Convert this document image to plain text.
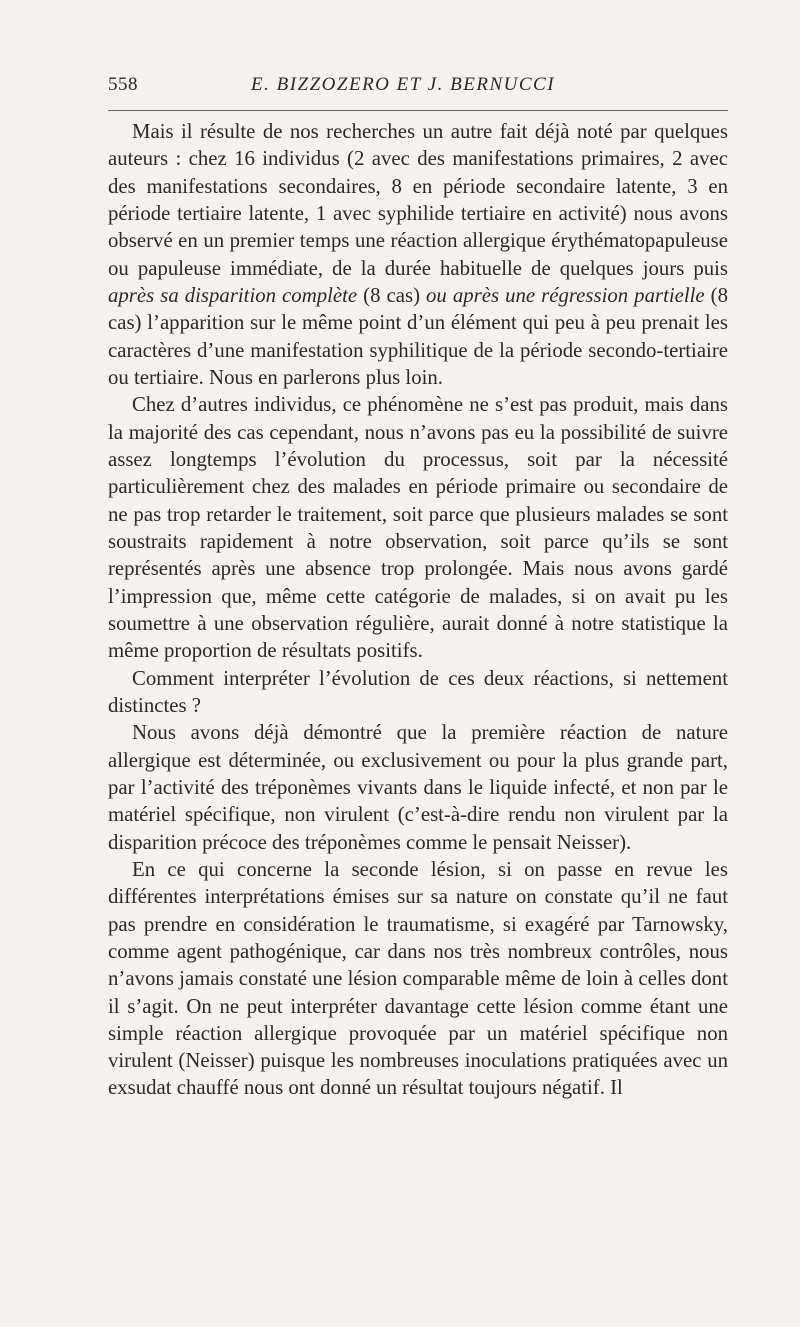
558	E. BIZZOZERO ET J. BERNUCCI

Mais il résulte de nos recherches un autre fait déjà noté par quelques auteurs : chez 16 individus (2 avec des manifestations primaires, 2 avec des manifestations secondaires, 8 en période secondaire latente, 3 en période tertiaire latente, 1 avec syphilide tertiaire en activité) nous avons observé en un premier temps une réaction allergique érythématopapuleuse ou papuleuse immédiate, de la durée habituelle de quelques jours puis après sa disparition complète (8 cas) ou après une régression partielle (8 cas) l’apparition sur le même point d’un élément qui peu à peu prenait les caractères d’une manifestation syphilitique de la période secondo-tertiaire ou tertiaire. Nous en parlerons plus loin.

Chez d’autres individus, ce phénomène ne s’est pas produit, mais dans la majorité des cas cependant, nous n’avons pas eu la possibilité de suivre assez longtemps l’évolution du processus, soit par la nécessité particulièrement chez des malades en période primaire ou secondaire de ne pas trop retarder le traitement, soit parce que plusieurs malades se sont soustraits rapidement à notre observation, soit parce qu’ils se sont représentés après une absence trop prolongée. Mais nous avons gardé l’impression que, même cette catégorie de malades, si on avait pu les soumettre à une observation régulière, aurait donné à notre statistique la même proportion de résultats positifs.

Comment interpréter l’évolution de ces deux réactions, si nettement distinctes ?

Nous avons déjà démontré que la première réaction de nature allergique est déterminée, ou exclusivement ou pour la plus grande part, par l’activité des tréponèmes vivants dans le liquide infecté, et non par le matériel spécifique, non virulent (c’est-à-dire rendu non virulent par la disparition précoce des tréponèmes comme le pensait Neisser).

En ce qui concerne la seconde lésion, si on passe en revue les différentes interprétations émises sur sa nature on constate qu’il ne faut pas prendre en considération le traumatisme, si exagéré par Tarnowsky, comme agent pathogénique, car dans nos très nombreux contrôles, nous n’avons jamais constaté une lésion comparable même de loin à celles dont il s’agit. On ne peut interpréter davantage cette lésion comme étant une simple réaction allergique provoquée par un matériel spécifique non virulent (Neisser) puisque les nombreuses inoculations pratiquées avec un exsudat chauffé nous ont donné un résultat toujours négatif. Il
